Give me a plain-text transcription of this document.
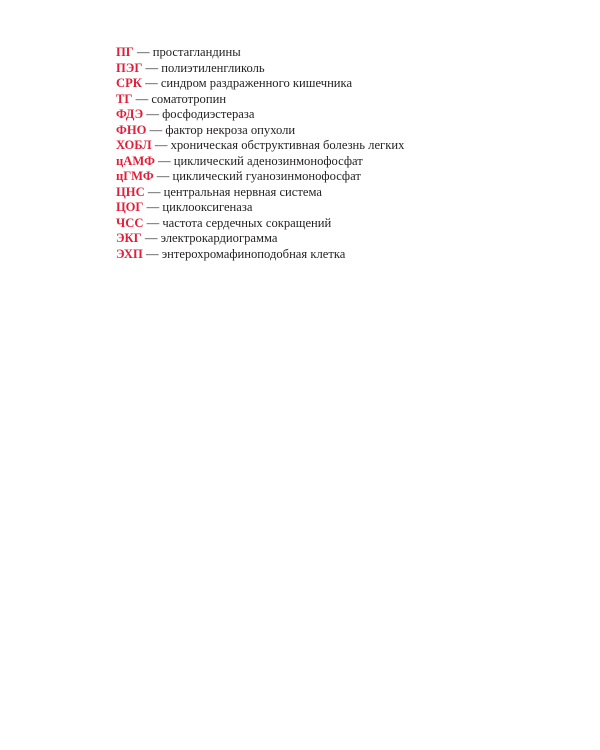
ПГ — простагландины
ПЭГ — полиэтиленгликоль
СРК — синдром раздраженного кишечника
ТГ — соматотропин
ФДЭ — фосфодиэстераза
ФНО — фактор некроза опухоли
ХОБЛ — хроническая обструктивная болезнь легких
цАМФ — циклический аденозинмонофосфат
цГМФ — циклический гуанозинмонофосфат
ЦНС — центральная нервная система
ЦОГ — циклооксигеназа
ЧСС — частота сердечных сокращений
ЭКГ — электрокардиограмма
ЭХП — энтерохромафиноподобная клетка
